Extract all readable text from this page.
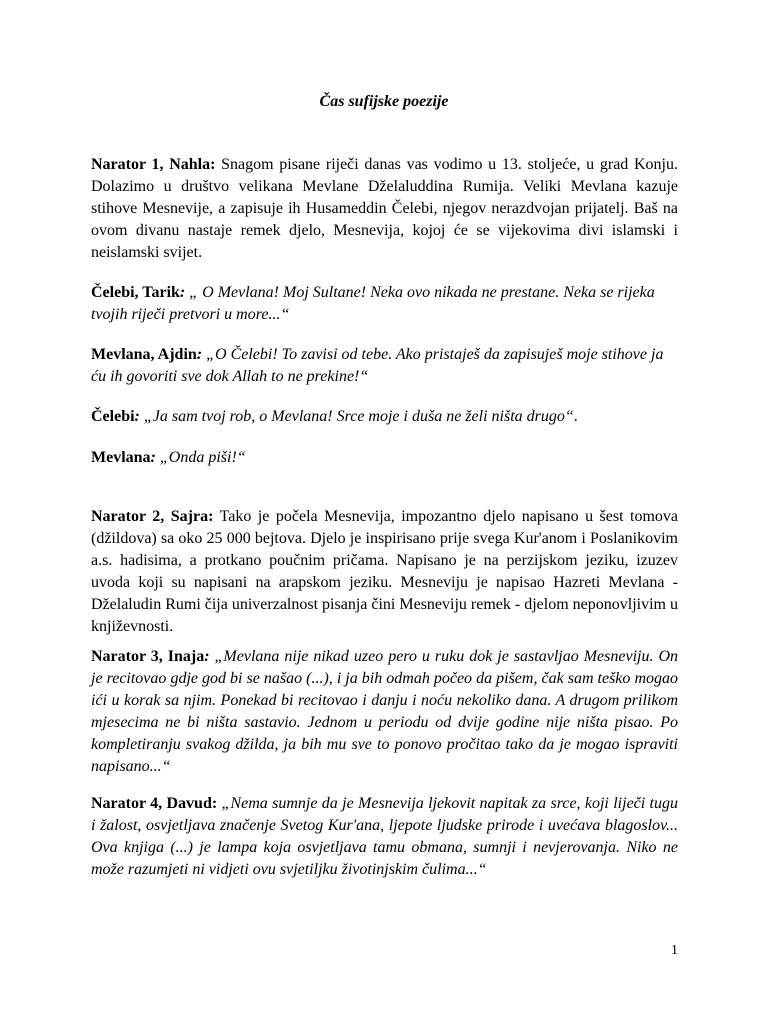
Čas sufijske poezije

Narator 1, Nahla: Snagom pisane riječi danas vas vodimo u 13. stoljeće, u grad Konju. Dolazimo u društvo velikana Mevlane Dželaluddina Rumija. Veliki Mevlana kazuje stihove Mesnevije, a zapisuje ih Husameddin Čelebi, njegov nerazdvojan prijatelj. Baš na ovom divanu nastaje remek djelo, Mesnevija, kojoj će se vijekovima divi islamski i neislamski svijet.

Čelebi, Tarik: „ O Mevlana! Moj Sultane! Neka ovo nikada ne prestane. Neka se rijeka tvojih riječi pretvori u more...“

Mevlana, Ajdin: „O Čelebi! To zavisi od tebe. Ako pristaješ da zapisuješ moje stihove ja ću ih govoriti sve dok Allah to ne prekine!“

Čelebi: „Ja sam tvoj rob, o Mevlana! Srce moje i duša ne želi ništa drugo“.

Mevlana: „Onda piši!“

Narator 2, Sajra: Tako je počela Mesnevija, impozantno djelo napisano u šest tomova (džildova) sa oko 25 000 bejtova. Djelo je inspirisano prije svega Kur'anom i Poslanikovim a.s. hadisima, a protkano poučnim pričama. Napisano je na perzijskom jeziku, izuzev uvoda koji su napisani na arapskom jeziku. Mesneviju je napisao Hazreti Mevlana - Dželaludin Rumi čija univerzalnost pisanja čini Mesneviju remek - djelom neponovljivim u književnosti.

Narator 3, Inaja: „Mevlana nije nikad uzeo pero u ruku dok je sastavljao Mesneviju. On je recitovao gdje god bi se našao (...), i ja bih odmah počeo da pišem, čak sam teško mogao ići u korak sa njim. Ponekad bi recitovao i danju i noću nekoliko dana. A drugom prilikom mjesecima ne bi ništa sastavio. Jednom u periodu od dvije godine nije ništa pisao. Po kompletiranju svakog džilda, ja bih mu sve to ponovo pročitao tako da je mogao ispraviti napisano...“

Narator 4, Davud: „Nema sumnje da je Mesnevija ljekovit napitak za srce, koji liječi tugu i žalost, osvjetljava značenje Svetog Kur'ana, ljepote ljudske prirode i uvećava blagoslov... Ova knjiga (...) je lampa koja osvjetljava tamu obmana, sumnji i nevjerovanja. Niko ne može razumjeti ni vidjeti ovu svjetiljku životinjskim čulima...“

1
